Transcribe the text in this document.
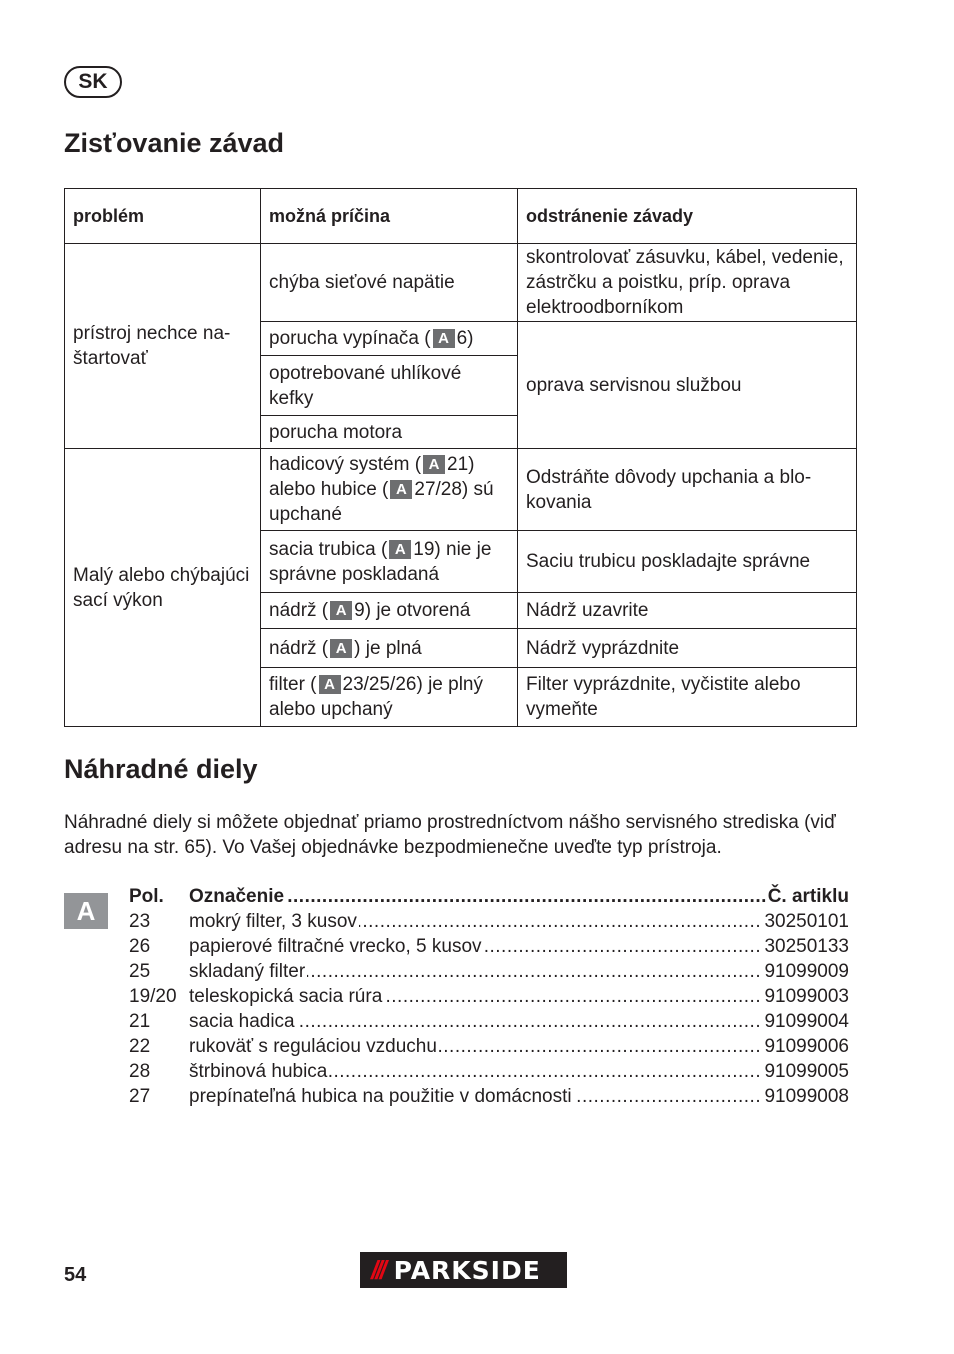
SK
Zisťovanie závad
problém	možná príčina	odstránenie závady
prístroj nechce naštartovať	chýba sieťové napätie	skontrolovať zásuvku, kábel, vedenie, zástrčku a poistku, príp. oprava elektroodborníkom
	porucha vypínača ( A 6)	oprava servisnou službou
	opotrebované uhlíkové kefky	
	porucha motora	
Malý alebo chýbajúci sací výkon	hadicový systém ( A 21) alebo hubice ( A 27/28) sú upchané	Odstráňte dôvody upchania a blokovania
	sacia trubica ( A 19) nie je správne poskladaná	Saciu trubicu poskladajte správne
	nádrž ( A 9) je otvorená	Nádrž uzavrite
	nádrž ( A ) je plná	Nádrž vyprázdnite
	filter ( A 23/25/26) je plný alebo upchaný	Filter vyprázdnite, vyčistite alebo vymeňte
Náhradné diely

Náhradné diely si môžete objednať priamo prostredníctvom nášho servisného strediska (viď adresu na str. 65). Vo Vašej objednávke bezpodmienečne uveďte typ prístroja.

A	Pol.	Označenie .....	Č. artiklu
23	mokrý filter, 3 kusov .....	30250101
26	papierové filtračné vrecko, 5 kusov .....	30250133
25	skladaný filter .....	91099009
19/20 teleskopická sacia rúra .....	91099003
21	sacia hadica .....	91099004
22	rukoväť s reguláciou vzduchu .....	91099006
28	štrbinová hubica .....	91099005
27	prepínateľná hubica na použitie v domácnosti .....	91099008
54	/// PARKSIDE
